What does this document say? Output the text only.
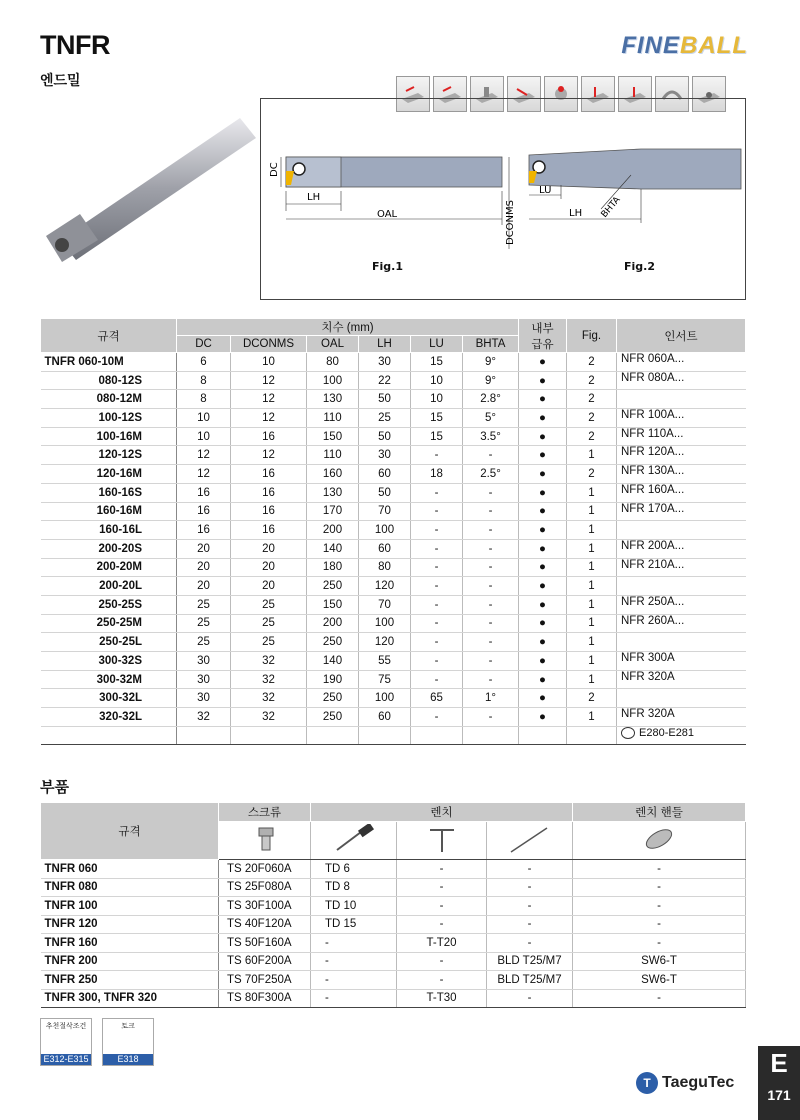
TNFR
엔드밀
FINEBALL
DC
LH
OAL	DCONMS
LU
LH BHTA
Fig.1	Fig.2
규격	치수 (mm)						내부
급유	Fig.	인서트
	DC	DCONMS	OAL	LH	LU	BHTA			
TNFR 060-10M	6	10	80	30	15	9°	●	2	NFR 060A...
080-12S	8	12	100	22	10	9°	●	2	NFR 080A...
080-12M	8	12	130	50	10	2.8°	●	2	
100-12S	10	12	110	25	15	5°	●	2	NFR 100A...
100-16M	10	16	150	50	15	3.5°	●	2	NFR 110A...
120-12S	12	12	110	30	-	-	●	1	NFR 120A...
120-16M	12	16	160	60	18	2.5°	●	2	NFR 130A...
160-16S	16	16	130	50	-	-	●	1	NFR 160A...
160-16M	16	16	170	70	-	-	●	1	NFR 170A...
160-16L	16	16	200	100	-	-	●	1	
200-20S	20	20	140	60	-	-	●	1	NFR 200A...
200-20M	20	20	180	80	-	-	●	1	NFR 210A...
200-20L	20	20	250	120	-	-	●	1	
250-25S	25	25	150	70	-	-	●	1	NFR 250A...
250-25M	25	25	200	100	-	-	●	1	NFR 260A...
250-25L	25	25	250	120	-	-	●	1	
300-32S	30	32	140	55	-	-	●	1	NFR 300A
300-32M	30	32	190	75	-	-	●	1	NFR 320A
300-32L	30	32	250	100	65	1°	●	2	
320-32L	32	32	250	60	-	-	●	1	NFR 320A
									E280-E281
부품
규격	스크류	렌치			렌치 핸들

TNFR 060	TS 20F060A	TD 6	-	-	-
TNFR 080	TS 25F080A	TD 8	-	-	-
TNFR 100	TS 30F100A	TD 10	-	-	-
TNFR 120	TS 40F120A	TD 15	-	-	-
TNFR 160	TS 50F160A	-	T-T20	-	-
TNFR 200	TS 60F200A	-	-	BLD T25/M7	SW6-T
TNFR 250	TS 70F250A	-	-	BLD T25/M7	SW6-T
TNFR 300, TNFR 320	TS 80F300A	-	T-T30	-	-
추천절삭조건
E312-E315
토크
E318
T TaeguTec
E
171
